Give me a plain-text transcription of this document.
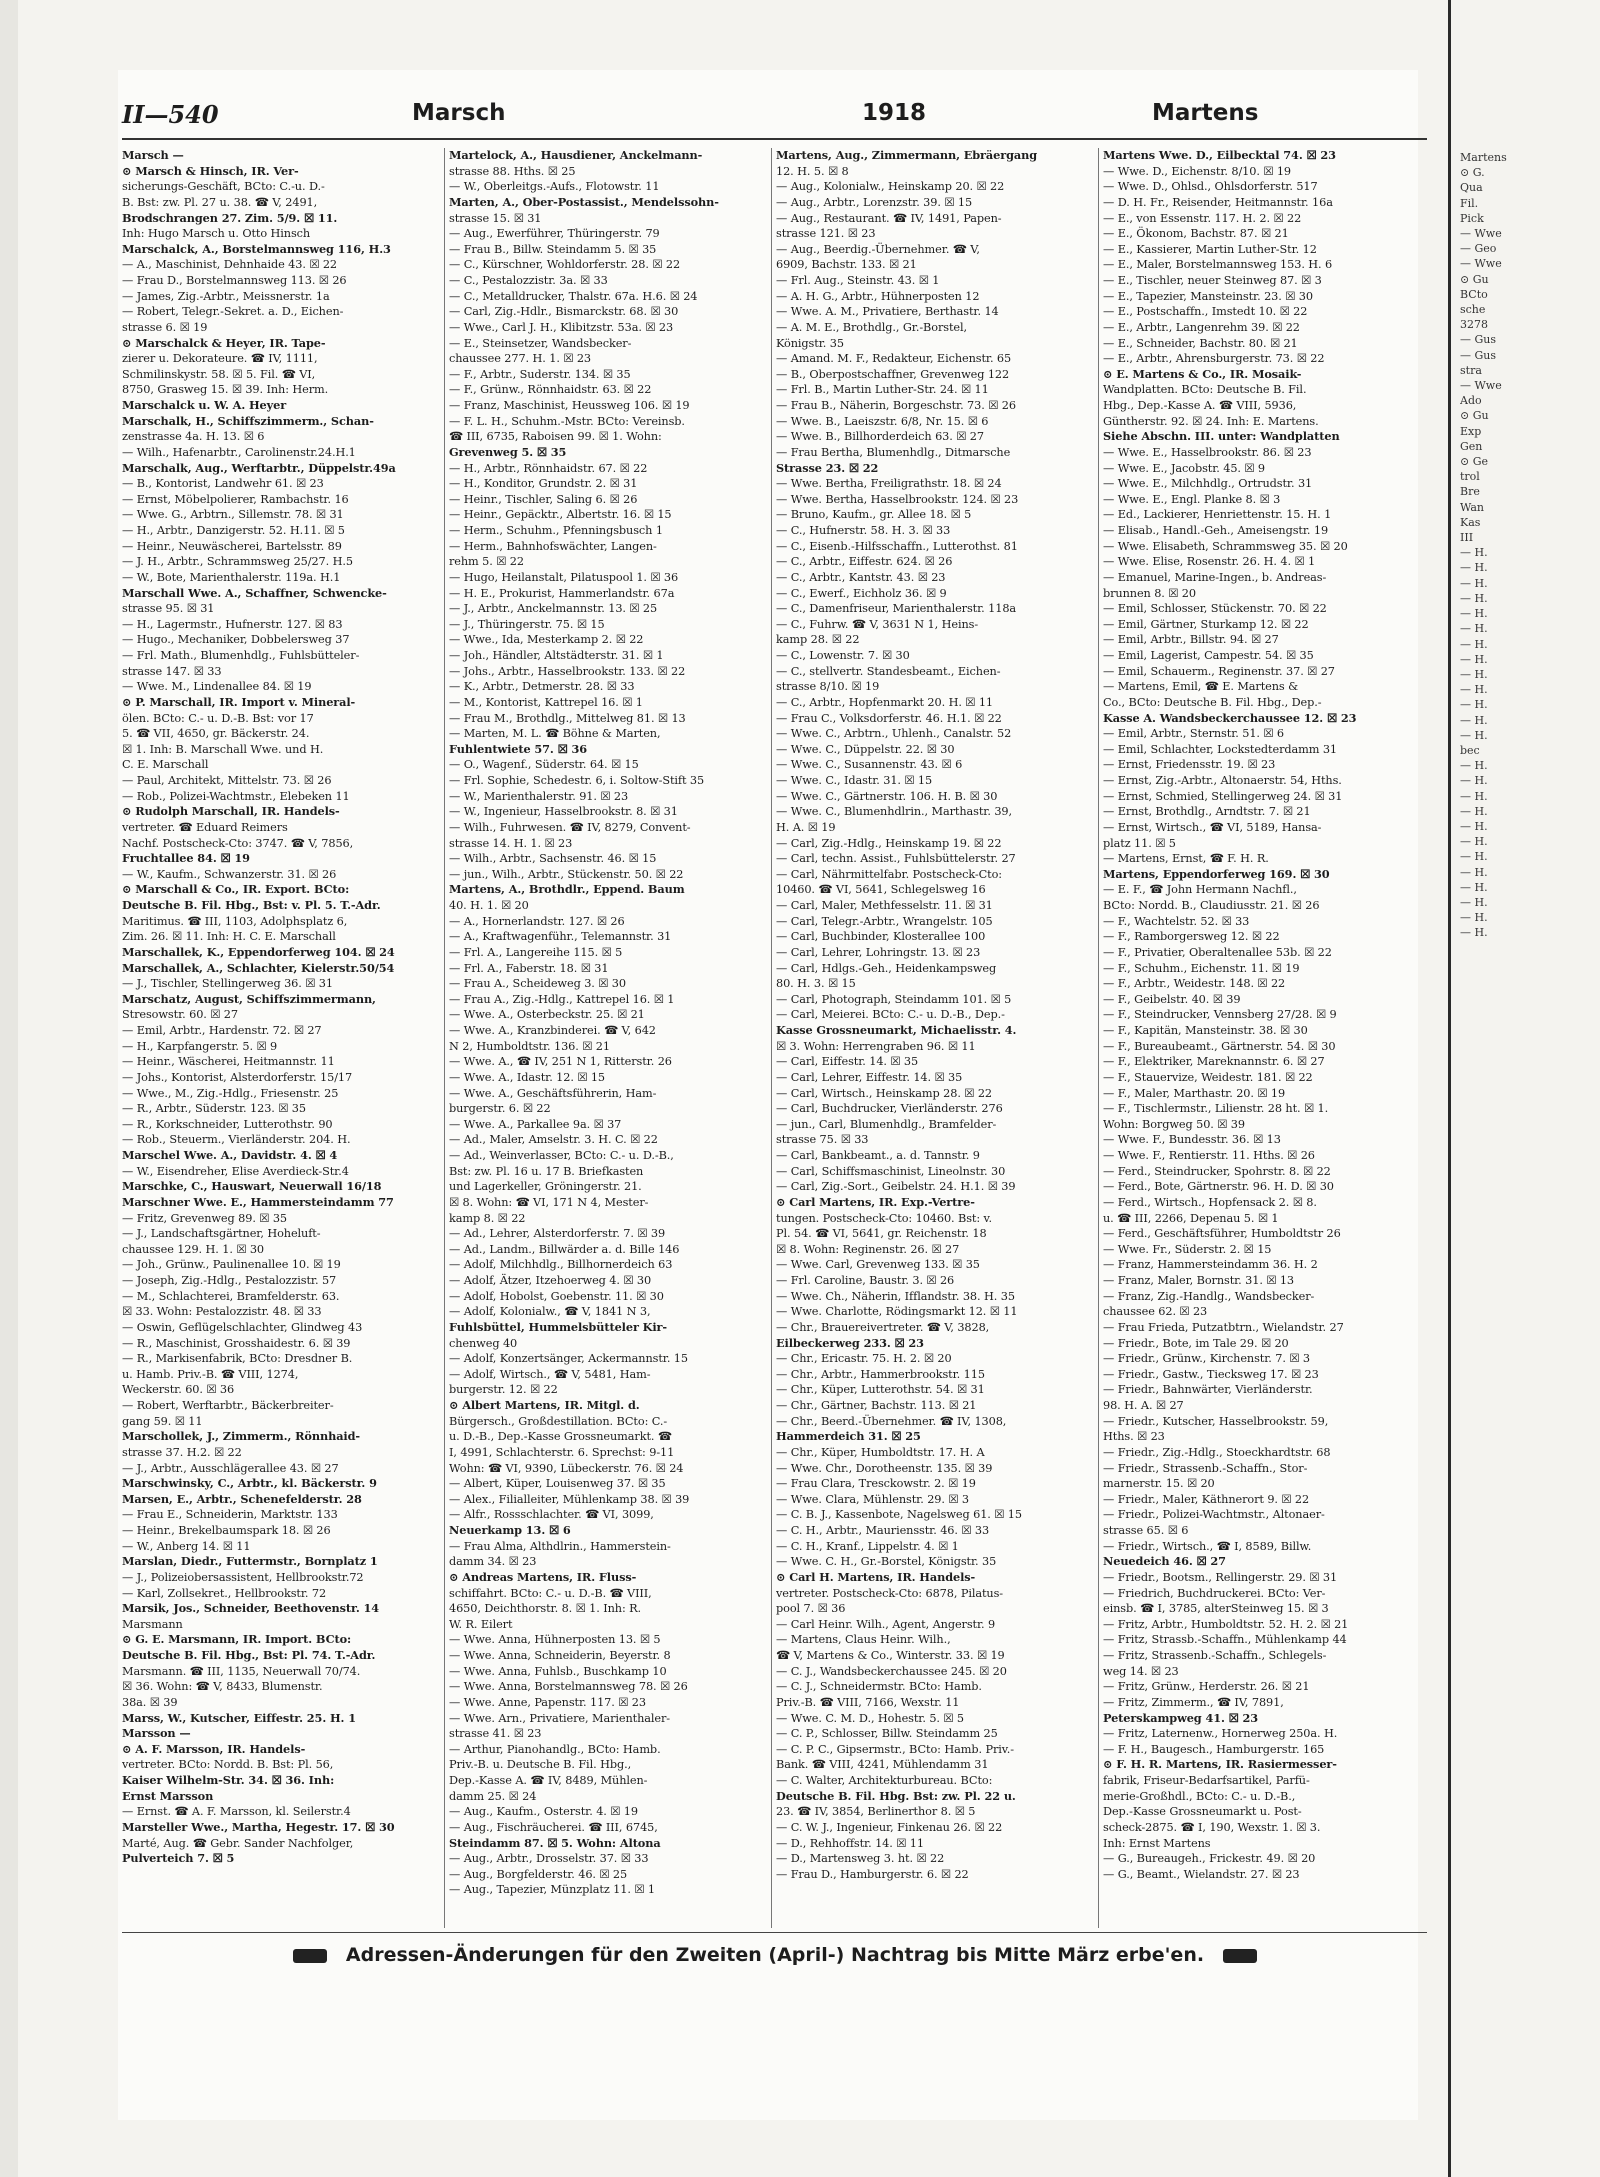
Martens
⊙ G.
Qua
Fil.
Pick
— Wwe
— Geo
— Wwe
⊙ Gu
BCto
sche
3278
— Gus
— Gus
stra
— Wwe
Ado
⊙ Gu
Exp
Gen
⊙ Ge
trol
Bre
Wan
Kas
III
— H.
— H.
— H.
— H.
— H.
— H.
— H.
— H.
— H.
— H.
— H.
— H.
— H.
bec
— H.
— H.
— H.
— H.
— H.
— H.
— H.
— H.
— H.
— H.
— H.
— H.
II—540	Marsch	1918	Martens
Marsch —
⊙ Marsch & Hinsch, IR. Ver-
sicherungs-Geschäft, BCto: C.-u. D.-
B. Bst: zw. Pl. 27 u. 38. ☎ V, 2491,
Brodschrangen 27. Zim. 5/9. ☒ 11.
Inh: Hugo Marsch u. Otto Hinsch
Marschalck, A., Borstelmannsweg 116, H.3
— A., Maschinist, Dehnhaide 43. ☒ 22
— Frau D., Borstelmannsweg 113. ☒ 26
— James, Zig.-Arbtr., Meissnerstr. 1a
— Robert, Telegr.-Sekret. a. D., Eichen-
strasse 6. ☒ 19
⊙ Marschalck & Heyer, IR. Tape-
zierer u. Dekorateure. ☎ IV, 1111,
Schmilinskystr. 58. ☒ 5. Fil. ☎ VI,
8750, Grasweg 15. ☒ 39. Inh: Herm.
Marschalck u. W. A. Heyer
Marschalk, H., Schiffszimmerm., Schan-
zenstrasse 4a. H. 13. ☒ 6
— Wilh., Hafenarbtr., Carolinenstr.24.H.1
Marschalk, Aug., Werftarbtr., Düppelstr.49a
— B., Kontorist, Landwehr 61. ☒ 23
— Ernst, Möbelpolierer, Rambachstr. 16
— Wwe. G., Arbtrn., Sillemstr. 78. ☒ 31
— H., Arbtr., Danzigerstr. 52. H.11. ☒ 5
— Heinr., Neuwäscherei, Bartelsstr. 89
— J. H., Arbtr., Schrammsweg 25/27. H.5
— W., Bote, Marienthalerstr. 119a. H.1
Marschall Wwe. A., Schaffner, Schwencke-
strasse 95. ☒ 31
— H., Lagermstr., Hufnerstr. 127. ☒ 83
— Hugo., Mechaniker, Dobbelersweg 37
— Frl. Math., Blumenhdlg., Fuhlsbütteler-
strasse 147. ☒ 33
— Wwe. M., Lindenallee 84. ☒ 19
⊙ P. Marschall, IR. Import v. Mineral-
ölen. BCto: C.- u. D.-B. Bst: vor 17
5. ☎ VII, 4650, gr. Bäckerstr. 24.
☒ 1. Inh: B. Marschall Wwe. und H.
C. E. Marschall
— Paul, Architekt, Mittelstr. 73. ☒ 26
— Rob., Polizei-Wachtmstr., Elebeken 11
⊙ Rudolph Marschall, IR. Handels-
vertreter. ☎ Eduard Reimers
Nachf. Postscheck-Cto: 3747. ☎ V, 7856,
Fruchtallee 84. ☒ 19
— W., Kaufm., Schwanzerstr. 31. ☒ 26
⊙ Marschall & Co., IR. Export. BCto:
Deutsche B. Fil. Hbg., Bst: v. Pl. 5. T.-Adr.
Maritimus. ☎ III, 1103, Adolphsplatz 6,
Zim. 26. ☒ 11. Inh: H. C. E. Marschall
Marschallek, K., Eppendorferweg 104. ☒ 24
Marschallek, A., Schlachter, Kielerstr.50/54
— J., Tischler, Stellingerweg 36. ☒ 31
Marschatz, August, Schiffszimmermann,
Stresowstr. 60. ☒ 27
— Emil, Arbtr., Hardenstr. 72. ☒ 27
— H., Karpfangerstr. 5. ☒ 9
— Heinr., Wäscherei, Heitmannstr. 11
— Johs., Kontorist, Alsterdorferstr. 15/17
— Wwe., M., Zig.-Hdlg., Friesenstr. 25
— R., Arbtr., Süderstr. 123. ☒ 35
— R., Korkschneider, Lutterothstr. 90
— Rob., Steuerm., Vierländerstr. 204. H.
Marschel Wwe. A., Davidstr. 4. ☒ 4
— W., Eisendreher, Elise Averdieck-Str.4
Marschke, C., Hauswart, Neuerwall 16/18
Marschner Wwe. E., Hammersteindamm 77
— Fritz, Grevenweg 89. ☒ 35
— J., Landschaftsgärtner, Hoheluft-
chaussee 129. H. 1. ☒ 30
— Joh., Grünw., Paulinenallee 10. ☒ 19
— Joseph, Zig.-Hdlg., Pestalozzistr. 57
— M., Schlachterei, Bramfelderstr. 63.
☒ 33. Wohn: Pestalozzistr. 48. ☒ 33
— Oswin, Geflügelschlachter, Glindweg 43
— R., Maschinist, Grosshaidestr. 6. ☒ 39
— R., Markisenfabrik, BCto: Dresdner B.
u. Hamb. Priv.-B. ☎ VIII, 1274,
Weckerstr. 60. ☒ 36
— Robert, Werftarbtr., Bäckerbreiter-
gang 59. ☒ 11
Marschollek, J., Zimmerm., Rönnhaid-
strasse 37. H.2. ☒ 22
— J., Arbtr., Ausschlägerallee 43. ☒ 27
Marschwinsky, C., Arbtr., kl. Bäckerstr. 9
Marsen, E., Arbtr., Schenefelderstr. 28
— Frau E., Schneiderin, Marktstr. 133
— Heinr., Brekelbaumspark 18. ☒ 26
— W., Anberg 14. ☒ 11
Marslan, Diedr., Futtermstr., Bornplatz 1
— J., Polizeiobersassistent, Hellbrookstr.72
— Karl, Zollsekret., Hellbrookstr. 72
Marsik, Jos., Schneider, Beethovenstr. 14
Marsmann
⊙ G. E. Marsmann, IR. Import. BCto:
Deutsche B. Fil. Hbg., Bst: Pl. 74. T.-Adr.
Marsmann. ☎ III, 1135, Neuerwall 70/74.
☒ 36. Wohn: ☎ V, 8433, Blumenstr.
38a. ☒ 39
Marss, W., Kutscher, Eiffestr. 25. H. 1
Marsson —
⊙ A. F. Marsson, IR. Handels-
vertreter. BCto: Nordd. B. Bst: Pl. 56,
Kaiser Wilhelm-Str. 34. ☒ 36. Inh:
Ernst Marsson
— Ernst. ☎ A. F. Marsson, kl. Seilerstr.4
Marsteller Wwe., Martha, Hegestr. 17. ☒ 30
Marté, Aug. ☎ Gebr. Sander Nachfolger,
Pulverteich 7. ☒ 5
Martelock, A., Hausdiener, Anckelmann-
strasse 88. Hths. ☒ 25
— W., Oberleitgs.-Aufs., Flotowstr. 11
Marten, A., Ober-Postassist., Mendelssohn-
strasse 15. ☒ 31
— Aug., Ewerführer, Thüringerstr. 79
— Frau B., Billw. Steindamm 5. ☒ 35
— C., Kürschner, Wohldorferstr. 28. ☒ 22
— C., Pestalozzistr. 3a. ☒ 33
— C., Metalldrucker, Thalstr. 67a. H.6. ☒ 24
— Carl, Zig.-Hdlr., Bismarckstr. 68. ☒ 30
— Wwe., Carl J. H., Klibitzstr. 53a. ☒ 23
— E., Steinsetzer, Wandsbecker-
chaussee 277. H. 1. ☒ 23
— F., Arbtr., Suderstr. 134. ☒ 35
— F., Grünw., Rönnhaidstr. 63. ☒ 22
— Franz, Maschinist, Heussweg 106. ☒ 19
— F. L. H., Schuhm.-Mstr. BCto: Vereinsb.
☎ III, 6735, Raboisen 99. ☒ 1. Wohn:
Grevenweg 5. ☒ 35
— H., Arbtr., Rönnhaidstr. 67. ☒ 22
— H., Konditor, Grundstr. 2. ☒ 31
— Heinr., Tischler, Saling 6. ☒ 26
— Heinr., Gepäcktr., Albertstr. 16. ☒ 15
— Herm., Schuhm., Pfenningsbusch 1
— Herm., Bahnhofswächter, Langen-
rehm 5. ☒ 22
— Hugo, Heilanstalt, Pilatuspool 1. ☒ 36
— H. E., Prokurist, Hammerlandstr. 67a
— J., Arbtr., Anckelmannstr. 13. ☒ 25
— J., Thüringerstr. 75. ☒ 15
— Wwe., Ida, Mesterkamp 2. ☒ 22
— Joh., Händler, Altstädterstr. 31. ☒ 1
— Johs., Arbtr., Hasselbrookstr. 133. ☒ 22
— K., Arbtr., Detmerstr. 28. ☒ 33
— M., Kontorist, Kattrepel 16. ☒ 1
— Frau M., Brothdlg., Mittelweg 81. ☒ 13
— Marten, M. L. ☎ Böhne & Marten,
Fuhlentwiete 57. ☒ 36
— O., Wagenf., Süderstr. 64. ☒ 15
— Frl. Sophie, Schedestr. 6, i. Soltow-Stift 35
— W., Marienthalerstr. 91. ☒ 23
— W., Ingenieur, Hasselbrookstr. 8. ☒ 31
— Wilh., Fuhrwesen. ☎ IV, 8279, Convent-
strasse 14. H. 1. ☒ 23
— Wilh., Arbtr., Sachsenstr. 46. ☒ 15
— jun., Wilh., Arbtr., Stückenstr. 50. ☒ 22
Martens, A., Brothdlr., Eppend. Baum
40. H. 1. ☒ 20
— A., Hornerlandstr. 127. ☒ 26
— A., Kraftwagenführ., Telemannstr. 31
— Frl. A., Langereihe 115. ☒ 5
— Frl. A., Faberstr. 18. ☒ 31
— Frau A., Scheideweg 3. ☒ 30
— Frau A., Zig.-Hdlg., Kattrepel 16. ☒ 1
— Wwe. A., Osterbeckstr. 25. ☒ 21
— Wwe. A., Kranzbinderei. ☎ V, 642
N 2, Humboldtstr. 136. ☒ 21
— Wwe. A., ☎ IV, 251 N 1, Ritterstr. 26
— Wwe. A., Idastr. 12. ☒ 15
— Wwe. A., Geschäftsführerin, Ham-
burgerstr. 6. ☒ 22
— Wwe. A., Parkallee 9a. ☒ 37
— Ad., Maler, Amselstr. 3. H. C. ☒ 22
— Ad., Weinverlasser, BCto: C.- u. D.-B.,
Bst: zw. Pl. 16 u. 17 B. Briefkasten
und Lagerkeller, Gröningerstr. 21.
☒ 8. Wohn: ☎ VI, 171 N 4, Mester-
kamp 8. ☒ 22
— Ad., Lehrer, Alsterdorferstr. 7. ☒ 39
— Ad., Landm., Billwärder a. d. Bille 146
— Adolf, Milchhdlg., Billhornerdeich 63
— Adolf, Ätzer, Itzehoerweg 4. ☒ 30
— Adolf, Hobolst, Goebenstr. 11. ☒ 30
— Adolf, Kolonialw., ☎ V, 1841 N 3,
Fuhlsbüttel, Hummelsbütteler Kir-
chenweg 40
— Adolf, Konzertsänger, Ackermannstr. 15
— Adolf, Wirtsch., ☎ V, 5481, Ham-
burgerstr. 12. ☒ 22
⊙ Albert Martens, IR. Mitgl. d.
Bürgersch., Großdestillation. BCto: C.-
u. D.-B., Dep.-Kasse Grossneumarkt. ☎
I, 4991, Schlachterstr. 6. Sprechst: 9-11
Wohn: ☎ VI, 9390, Lübeckerstr. 76. ☒ 24
— Albert, Küper, Louisenweg 37. ☒ 35
— Alex., Filialleiter, Mühlenkamp 38. ☒ 39
— Alfr., Rossschlachter. ☎ VI, 3099,
Neuerkamp 13. ☒ 6
— Frau Alma, Althdlrin., Hammerstein-
damm 34. ☒ 23
⊙ Andreas Martens, IR. Fluss-
schiffahrt. BCto: C.- u. D.-B. ☎ VIII,
4650, Deichthorstr. 8. ☒ 1. Inh: R.
W. R. Eilert
— Wwe. Anna, Hühnerposten 13. ☒ 5
— Wwe. Anna, Schneiderin, Beyerstr. 8
— Wwe. Anna, Fuhlsb., Buschkamp 10
— Wwe. Anna, Borstelmannsweg 78. ☒ 26
— Wwe. Anne, Papenstr. 117. ☒ 23
— Wwe. Arn., Privatiere, Marienthaler-
strasse 41. ☒ 23
— Arthur, Pianohandlg., BCto: Hamb.
Priv.-B. u. Deutsche B. Fil. Hbg.,
Dep.-Kasse A. ☎ IV, 8489, Mühlen-
damm 25. ☒ 24
— Aug., Kaufm., Osterstr. 4. ☒ 19
— Aug., Fischräucherei. ☎ III, 6745,
Steindamm 87. ☒ 5. Wohn: Altona
— Aug., Arbtr., Drosselstr. 37. ☒ 33
— Aug., Borgfelderstr. 46. ☒ 25
— Aug., Tapezier, Münzplatz 11. ☒ 1
Martens, Aug., Zimmermann, Ebräergang
12. H. 5. ☒ 8
— Aug., Kolonialw., Heinskamp 20. ☒ 22
— Aug., Arbtr., Lorenzstr. 39. ☒ 15
— Aug., Restaurant. ☎ IV, 1491, Papen-
strasse 121. ☒ 23
— Aug., Beerdig.-Übernehmer. ☎ V,
6909, Bachstr. 133. ☒ 21
— Frl. Aug., Steinstr. 43. ☒ 1
— A. H. G., Arbtr., Hühnerposten 12
— Wwe. A. M., Privatiere, Berthastr. 14
— A. M. E., Brothdlg., Gr.-Borstel,
Königstr. 35
— Amand. M. F., Redakteur, Eichenstr. 65
— B., Oberpostschaffner, Grevenweg 122
— Frl. B., Martin Luther-Str. 24. ☒ 11
— Frau B., Näherin, Borgeschstr. 73. ☒ 26
— Wwe. B., Laeiszstr. 6/8, Nr. 15. ☒ 6
— Wwe. B., Billhorderdeich 63. ☒ 27
— Frau Bertha, Blumenhdlg., Ditmarsche
Strasse 23. ☒ 22
— Wwe. Bertha, Freiligrathstr. 18. ☒ 24
— Wwe. Bertha, Hasselbrookstr. 124. ☒ 23
— Bruno, Kaufm., gr. Allee 18. ☒ 5
— C., Hufnerstr. 58. H. 3. ☒ 33
— C., Eisenb.-Hilfsschaffn., Lutterothst. 81
— C., Arbtr., Eiffestr. 624. ☒ 26
— C., Arbtr., Kantstr. 43. ☒ 23
— C., Ewerf., Eichholz 36. ☒ 9
— C., Damenfriseur, Marienthalerstr. 118a
— C., Fuhrw. ☎ V, 3631 N 1, Heins-
kamp 28. ☒ 22
— C., Lowenstr. 7. ☒ 30
— C., stellvertr. Standesbeamt., Eichen-
strasse 8/10. ☒ 19
— C., Arbtr., Hopfenmarkt 20. H. ☒ 11
— Frau C., Volksdorferstr. 46. H.1. ☒ 22
— Wwe. C., Arbtrn., Uhlenh., Canalstr. 52
— Wwe. C., Düppelstr. 22. ☒ 30
— Wwe. C., Susannenstr. 43. ☒ 6
— Wwe. C., Idastr. 31. ☒ 15
— Wwe. C., Gärtnerstr. 106. H. B. ☒ 30
— Wwe. C., Blumenhdlrin., Marthastr. 39,
H. A. ☒ 19
— Carl, Zig.-Hdlg., Heinskamp 19. ☒ 22
— Carl, techn. Assist., Fuhlsbüttelerstr. 27
— Carl, Nährmittelfabr. Postscheck-Cto:
10460. ☎ VI, 5641, Schlegelsweg 16
— Carl, Maler, Methfesselstr. 11. ☒ 31
— Carl, Telegr.-Arbtr., Wrangelstr. 105
— Carl, Buchbinder, Klosterallee 100
— Carl, Lehrer, Lohringstr. 13. ☒ 23
— Carl, Hdlgs.-Geh., Heidenkampsweg
80. H. 3. ☒ 15
— Carl, Photograph, Steindamm 101. ☒ 5
— Carl, Meierei. BCto: C.- u. D.-B., Dep.-
Kasse Grossneumarkt, Michaelisstr. 4.
☒ 3. Wohn: Herrengraben 96. ☒ 11
— Carl, Eiffestr. 14. ☒ 35
— Carl, Lehrer, Eiffestr. 14. ☒ 35
— Carl, Wirtsch., Heinskamp 28. ☒ 22
— Carl, Buchdrucker, Vierländerstr. 276
— jun., Carl, Blumenhdlg., Bramfelder-
strasse 75. ☒ 33
— Carl, Bankbeamt., a. d. Tannstr. 9
— Carl, Schiffsmaschinist, Lineolnstr. 30
— Carl, Zig.-Sort., Geibelstr. 24. H.1. ☒ 39
⊙ Carl Martens, IR. Exp.-Vertre-
tungen. Postscheck-Cto: 10460. Bst: v.
Pl. 54. ☎ VI, 5641, gr. Reichenstr. 18
☒ 8. Wohn: Reginenstr. 26. ☒ 27
— Wwe. Carl, Grevenweg 133. ☒ 35
— Frl. Caroline, Baustr. 3. ☒ 26
— Wwe. Ch., Näherin, Ifflandstr. 38. H. 35
— Wwe. Charlotte, Rödingsmarkt 12. ☒ 11
— Chr., Brauereivertreter. ☎ V, 3828,
Eilbeckerweg 233. ☒ 23
— Chr., Ericastr. 75. H. 2. ☒ 20
— Chr., Arbtr., Hammerbrookstr. 115
— Chr., Küper, Lutterothstr. 54. ☒ 31
— Chr., Gärtner, Bachstr. 113. ☒ 21
— Chr., Beerd.-Übernehmer. ☎ IV, 1308,
Hammerdeich 31. ☒ 25
— Chr., Küper, Humboldtstr. 17. H. A
— Wwe. Chr., Dorotheenstr. 135. ☒ 39
— Frau Clara, Tresckowstr. 2. ☒ 19
— Wwe. Clara, Mühlenstr. 29. ☒ 3
— C. B. J., Kassenbote, Nagelsweg 61. ☒ 15
— C. H., Arbtr., Mauriensstr. 46. ☒ 33
— C. H., Kranf., Lippelstr. 4. ☒ 1
— Wwe. C. H., Gr.-Borstel, Königstr. 35
⊙ Carl H. Martens, IR. Handels-
vertreter. Postscheck-Cto: 6878, Pilatus-
pool 7. ☒ 36
— Carl Heinr. Wilh., Agent, Angerstr. 9
— Martens, Claus Heinr. Wilh.,
☎ V, Martens & Co., Winterstr. 33. ☒ 19
— C. J., Wandsbeckerchaussee 245. ☒ 20
— C. J., Schneidermstr. BCto: Hamb.
Priv.-B. ☎ VIII, 7166, Wexstr. 11
— Wwe. C. M. D., Hohestr. 5. ☒ 5
— C. P., Schlosser, Billw. Steindamm 25
— C. P. C., Gipsermstr., BCto: Hamb. Priv.-
Bank. ☎ VIII, 4241, Mühlendamm 31
— C. Walter, Architekturbureau. BCto:
Deutsche B. Fil. Hbg. Bst: zw. Pl. 22 u.
23. ☎ IV, 3854, Berlinerthor 8. ☒ 5
— C. W. J., Ingenieur, Finkenau 26. ☒ 22
— D., Rehhoffstr. 14. ☒ 11
— D., Martensweg 3. ht. ☒ 22
— Frau D., Hamburgerstr. 6. ☒ 22
Martens Wwe. D., Eilbecktal 74. ☒ 23
— Wwe. D., Eichenstr. 8/10. ☒ 19
— Wwe. D., Ohlsd., Ohlsdorferstr. 517
— D. H. Fr., Reisender, Heitmannstr. 16a
— E., von Essenstr. 117. H. 2. ☒ 22
— E., Ökonom, Bachstr. 87. ☒ 21
— E., Kassierer, Martin Luther-Str. 12
— E., Maler, Borstelmannsweg 153. H. 6
— E., Tischler, neuer Steinweg 87. ☒ 3
— E., Tapezier, Mansteinstr. 23. ☒ 30
— E., Postschaffn., Imstedt 10. ☒ 22
— E., Arbtr., Langenrehm 39. ☒ 22
— E., Schneider, Bachstr. 80. ☒ 21
— E., Arbtr., Ahrensburgerstr. 73. ☒ 22
⊙ E. Martens & Co., IR. Mosaik-
Wandplatten. BCto: Deutsche B. Fil.
Hbg., Dep.-Kasse A. ☎ VIII, 5936,
Güntherstr. 92. ☒ 24. Inh: E. Martens.
Siehe Abschn. III. unter: Wandplatten
— Wwe. E., Hasselbrookstr. 86. ☒ 23
— Wwe. E., Jacobstr. 45. ☒ 9
— Wwe. E., Milchhdlg., Ortrudstr. 31
— Wwe. E., Engl. Planke 8. ☒ 3
— Ed., Lackierer, Henriettenstr. 15. H. 1
— Elisab., Handl.-Geh., Ameisengstr. 19
— Wwe. Elisabeth, Schrammsweg 35. ☒ 20
— Wwe. Elise, Rosenstr. 26. H. 4. ☒ 1
— Emanuel, Marine-Ingen., b. Andreas-
brunnen 8. ☒ 20
— Emil, Schlosser, Stückenstr. 70. ☒ 22
— Emil, Gärtner, Sturkamp 12. ☒ 22
— Emil, Arbtr., Billstr. 94. ☒ 27
— Emil, Lagerist, Campestr. 54. ☒ 35
— Emil, Schauerm., Reginenstr. 37. ☒ 27
— Martens, Emil, ☎ E. Martens &
Co., BCto: Deutsche B. Fil. Hbg., Dep.-
Kasse A. Wandsbeckerchaussee 12. ☒ 23
— Emil, Arbtr., Sternstr. 51. ☒ 6
— Emil, Schlachter, Lockstedterdamm 31
— Ernst, Friedensstr. 19. ☒ 23
— Ernst, Zig.-Arbtr., Altonaerstr. 54, Hths.
— Ernst, Schmied, Stellingerweg 24. ☒ 31
— Ernst, Brothdlg., Arndtstr. 7. ☒ 21
— Ernst, Wirtsch., ☎ VI, 5189, Hansa-
platz 11. ☒ 5
— Martens, Ernst, ☎ F. H. R.
Martens, Eppendorferweg 169. ☒ 30
— E. F., ☎ John Hermann Nachfl.,
BCto: Nordd. B., Claudiusstr. 21. ☒ 26
— F., Wachtelstr. 52. ☒ 33
— F., Ramborgersweg 12. ☒ 22
— F., Privatier, Oberaltenallee 53b. ☒ 22
— F., Schuhm., Eichenstr. 11. ☒ 19
— F., Arbtr., Weidestr. 148. ☒ 22
— F., Geibelstr. 40. ☒ 39
— F., Steindrucker, Vennsberg 27/28. ☒ 9
— F., Kapitän, Mansteinstr. 38. ☒ 30
— F., Bureaubeamt., Gärtnerstr. 54. ☒ 30
— F., Elektriker, Mareknannstr. 6. ☒ 27
— F., Stauervize, Weidestr. 181. ☒ 22
— F., Maler, Marthastr. 20. ☒ 19
— F., Tischlermstr., Lilienstr. 28 ht. ☒ 1.
Wohn: Borgweg 50. ☒ 39
— Wwe. F., Bundesstr. 36. ☒ 13
— Wwe. F., Rentierstr. 11. Hths. ☒ 26
— Ferd., Steindrucker, Spohrstr. 8. ☒ 22
— Ferd., Bote, Gärtnerstr. 96. H. D. ☒ 30
— Ferd., Wirtsch., Hopfensack 2. ☒ 8.
u. ☎ III, 2266, Depenau 5. ☒ 1
— Ferd., Geschäftsführer, Humboldtstr 26
— Wwe. Fr., Süderstr. 2. ☒ 15
— Franz, Hammersteindamm 36. H. 2
— Franz, Maler, Bornstr. 31. ☒ 13
— Franz, Zig.-Handlg., Wandsbecker-
chaussee 62. ☒ 23
— Frau Frieda, Putzatbtrn., Wielandstr. 27
— Friedr., Bote, im Tale 29. ☒ 20
— Friedr., Grünw., Kirchenstr. 7. ☒ 3
— Friedr., Gastw., Tiecksweg 17. ☒ 23
— Friedr., Bahnwärter, Vierländerstr.
98. H. A. ☒ 27
— Friedr., Kutscher, Hasselbrookstr. 59,
Hths. ☒ 23
— Friedr., Zig.-Hdlg., Stoeckhardtstr. 68
— Friedr., Strassenb.-Schaffn., Stor-
marnerstr. 15. ☒ 20
— Friedr., Maler, Käthnerort 9. ☒ 22
— Friedr., Polizei-Wachtmstr., Altonaer-
strasse 65. ☒ 6
— Friedr., Wirtsch., ☎ I, 8589, Billw.
Neuedeich 46. ☒ 27
— Friedr., Bootsm., Rellingerstr. 29. ☒ 31
— Friedrich, Buchdruckerei. BCto: Ver-
einsb. ☎ I, 3785, alterSteinweg 15. ☒ 3
— Fritz, Arbtr., Humboldtstr. 52. H. 2. ☒ 21
— Fritz, Strassb.-Schaffn., Mühlenkamp 44
— Fritz, Strassenb.-Schaffn., Schlegels-
weg 14. ☒ 23
— Fritz, Grünw., Herderstr. 26. ☒ 21
— Fritz, Zimmerm., ☎ IV, 7891,
Peterskampweg 41. ☒ 23
— Fritz, Laternenw., Hornerweg 250a. H.
— F. H., Baugesch., Hamburgerstr. 165
⊙ F. H. R. Martens, IR. Rasiermesser-
fabrik, Friseur-Bedarfsartikel, Parfü-
merie-Großhdl., BCto: C.- u. D.-B.,
Dep.-Kasse Grossneumarkt u. Post-
scheck-2875. ☎ I, 190, Wexstr. 1. ☒ 3.
Inh: Ernst Martens
— G., Bureaugeh., Frickestr. 49. ☒ 20
— G., Beamt., Wielandstr. 27. ☒ 23
Adressen-Änderungen für den Zweiten (April-) Nachtrag bis Mitte März erbe'en.
